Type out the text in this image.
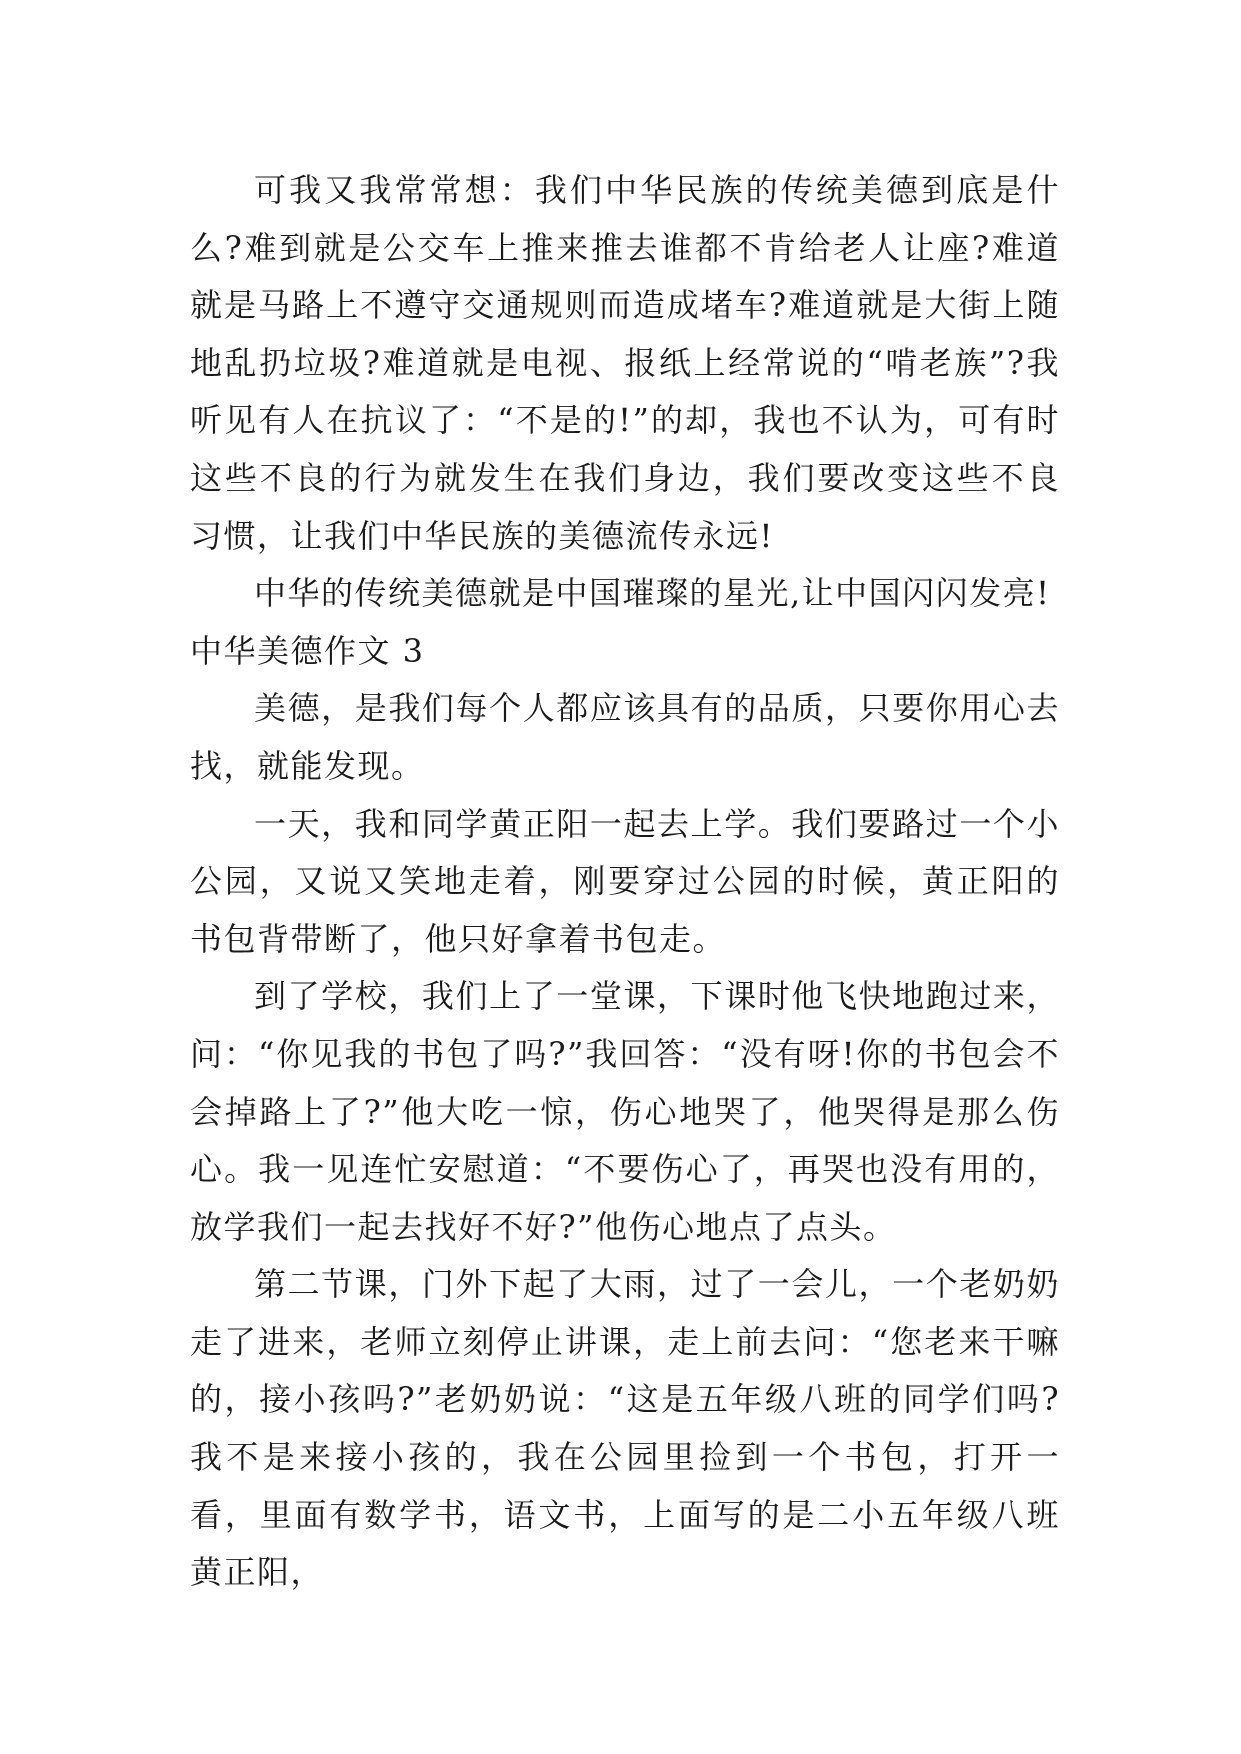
可我又我常常想：我们中华民族的传统美德到底是什么?难到就是公交车上推来推去谁都不肯给老人让座?难道就是马路上不遵守交通规则而造成堵车?难道就是大街上随地乱扔垃圾?难道就是电视、报纸上经常说的“啃老族”?我听见有人在抗议了：“不是的!”的却，我也不认为，可有时这些不良的行为就发生在我们身边，我们要改变这些不良习惯，让我们中华民族的美德流传永远!

中华的传统美德就是中国璀璨的星光,让中国闪闪发亮!

中华美德作文 3

美德，是我们每个人都应该具有的品质，只要你用心去找，就能发现。

一天，我和同学黄正阳一起去上学。我们要路过一个小公园，又说又笑地走着，刚要穿过公园的时候，黄正阳的书包背带断了，他只好拿着书包走。

到了学校，我们上了一堂课，下课时他飞快地跑过来，问：“你见我的书包了吗?”我回答：“没有呀!你的书包会不会掉路上了?”他大吃一惊，伤心地哭了，他哭得是那么伤心。我一见连忙安慰道：“不要伤心了，再哭也没有用的，放学我们一起去找好不好?”他伤心地点了点头。

第二节课，门外下起了大雨，过了一会儿，一个老奶奶走了进来，老师立刻停止讲课，走上前去问：“您老来干嘛的，接小孩吗?”老奶奶说：“这是五年级八班的同学们吗?我不是来接小孩的，我在公园里捡到一个书包，打开一看，里面有数学书，语文书，上面写的是二小五年级八班黄正阳，
